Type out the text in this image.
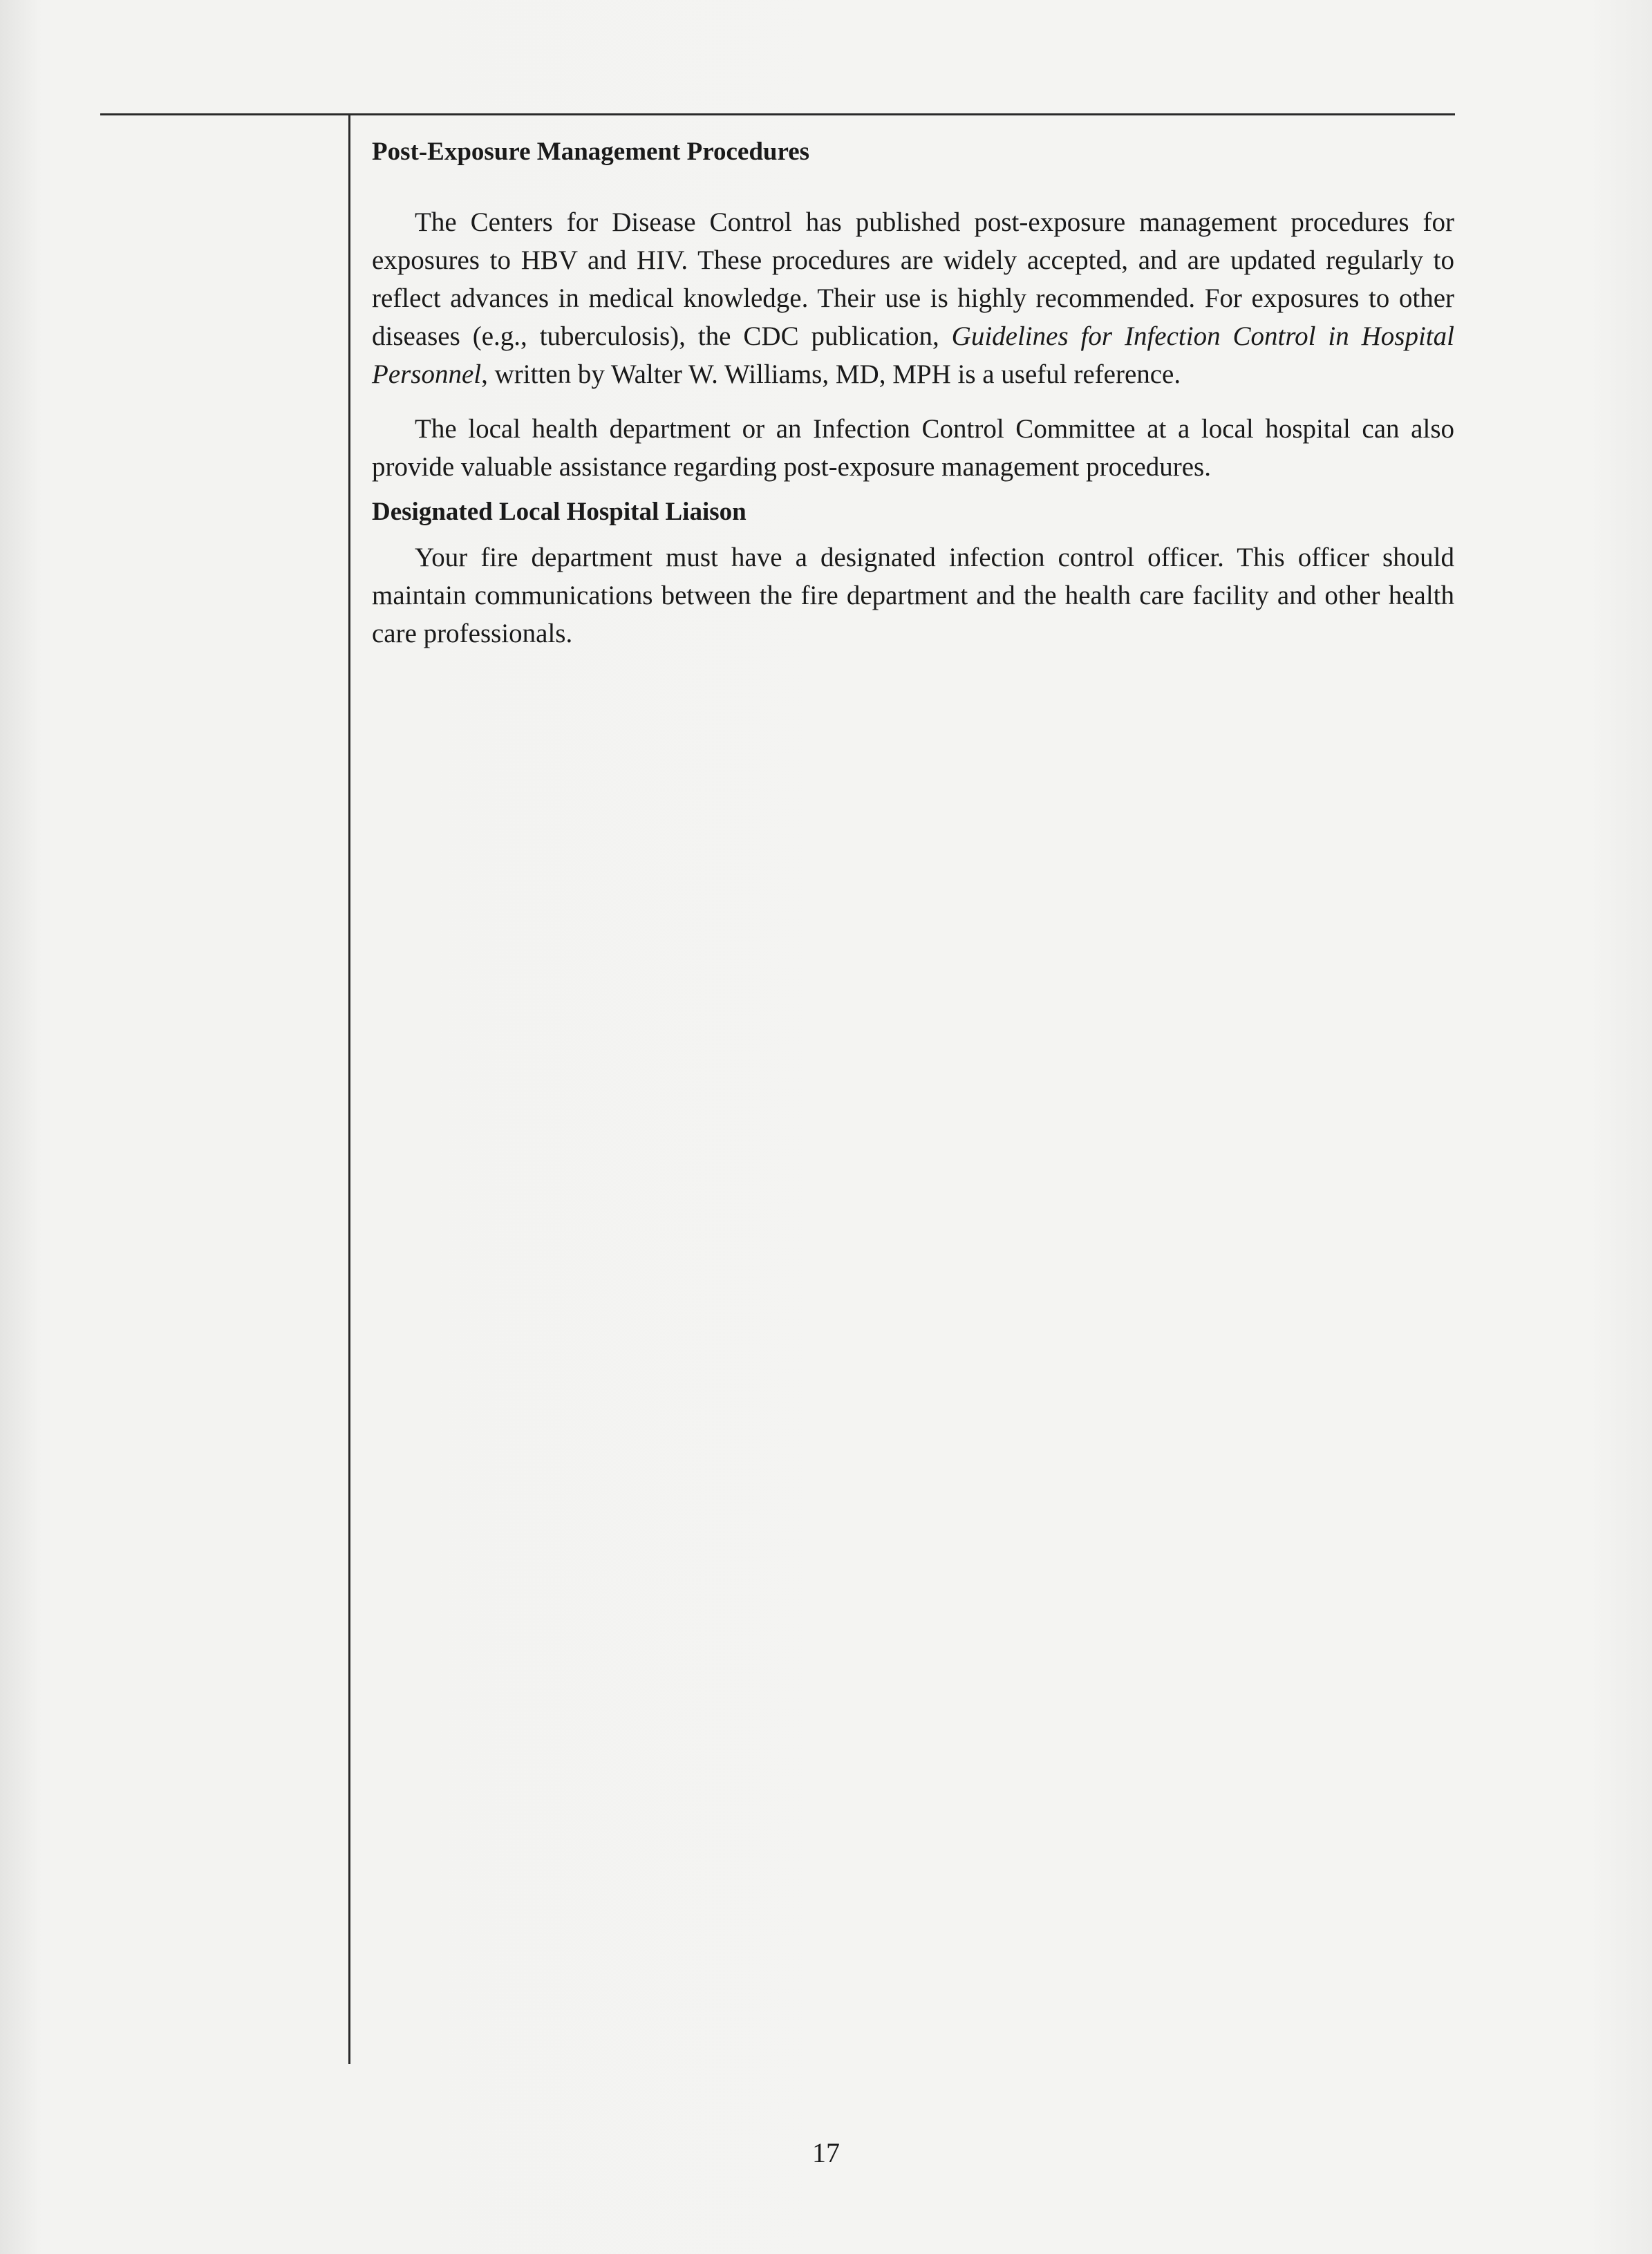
Post-Exposure Management Procedures

The Centers for Disease Control has published post-exposure management procedures for exposures to HBV and HIV. These procedures are widely accepted, and are updated regularly to reflect advances in medical knowledge. Their use is highly recommended. For exposures to other diseases (e.g., tuberculosis), the CDC publication, Guidelines for Infection Control in Hospital Personnel, written by Walter W. Williams, MD, MPH is a useful reference.

The local health department or an Infection Control Committee at a local hospital can also provide valuable assistance regarding post-exposure management procedures.

Designated Local Hospital Liaison

Your fire department must have a designated infection control officer. This officer should maintain communications between the fire department and the health care facility and other health care professionals.

17
